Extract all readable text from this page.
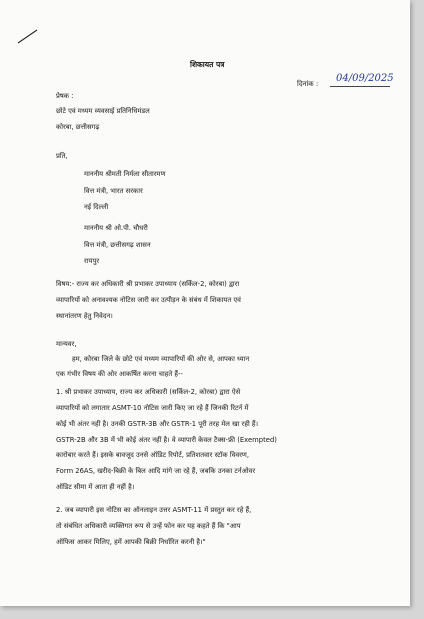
शिकायत पत्र
दिनांक : 04/09/2025
प्रेषक :
छोटे एवं मध्यम व्यवसाई प्रतिनिधिमंडल
कोरबा, छत्तीसगढ़
प्रति,
माननीय श्रीमती निर्मला सीतारमण
वित्त मंत्री, भारत सरकार
नई दिल्ली
माननीय श्री ओ.पी. चौधरी
वित्त मंत्री, छत्तीसगढ़ शासन
रायपुर
विषय:- राज्य कर अधिकारी श्री प्रभाकर उपाध्याय (सर्किल-2, कोरबा) द्वारा
व्यापारियों को अनावश्यक नोटिस जारी कर उत्पीड़न के संबंध में शिकायत एवं
स्थानांतरण हेतु निवेदन।
मान्यवर,
हम, कोरबा जिले के छोटे एवं मध्यम व्यापारियों की ओर से, आपका ध्यान
एक गंभीर विषय की ओर आकर्षित करना चाहते हैं--
1. श्री प्रभाकर उपाध्याय, राज्य कर अधिकारी (सर्किल-2, कोरबा) द्वारा ऐसे
व्यापारियों को लगातार ASMT-10 नोटिस जारी किए जा रहे हैं जिनकी रिटर्न में
कोई भी अंतर नहीं है। उनकी GSTR-3B और GSTR-1 पूरी तरह मेल खा रही हैं।
GSTR-2B और 3B में भी कोई अंतर नहीं है। वे व्यापारी केवल टैक्स-फ्री (Exempted)
कारोबार करते हैं। इसके बावजूद उनसे ऑडिट रिपोर्ट, प्रतिशतवार स्टॉक विवरण,
Form 26AS, खरीद-बिक्री के बिल आदि मांगे जा रहे हैं, जबकि उनका टर्नओवर
ऑडिट सीमा में आता ही नहीं है।
2. जब व्यापारी इस नोटिस का ऑनलाइन उत्तर ASMT-11 में प्रस्तुत कर रहे हैं,
तो संबंधित अधिकारी व्यक्तिगत रूप से उन्हें फोन कर यह कहते हैं कि "आप
ऑफिस आकर मिलिए, हमें आपकी बिक्री निर्धारित करनी है।"
